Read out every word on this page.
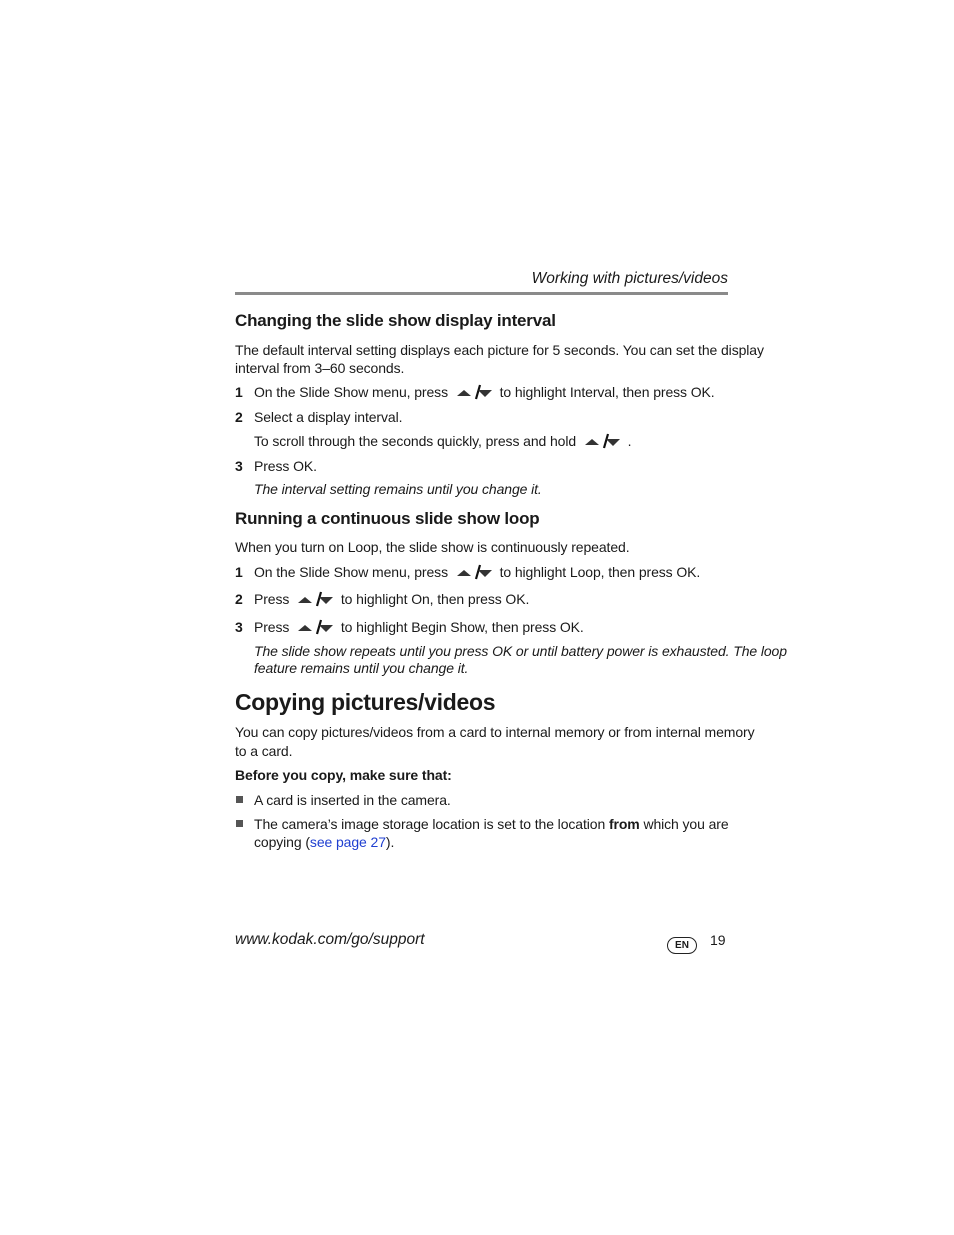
Working with pictures/videos
Changing the slide show display interval
The default interval setting displays each picture for 5 seconds. You can set the display
interval from 3–60 seconds.
1 On the Slide Show menu, press	to highlight Interval, then press OK.
2 Select a display interval.
To scroll through the seconds quickly, press and hold	.
3 Press OK.
The interval setting remains until you change it.
Running a continuous slide show loop
When you turn on Loop, the slide show is continuously repeated.
1 On the Slide Show menu, press	to highlight Loop, then press OK.
2 Press	to highlight On, then press OK.
3 Press	to highlight Begin Show, then press OK.
The slide show repeats until you press OK or until battery power is exhausted. The loop
feature remains until you change it.
Copying pictures/videos
You can copy pictures/videos from a card to internal memory or from internal memory
to a card.
Before you copy, make sure that:
A card is inserted in the camera.
The camera’s image storage location is set to the location from which you are
copying (see page 27).
www.kodak.com/go/support	EN	19
